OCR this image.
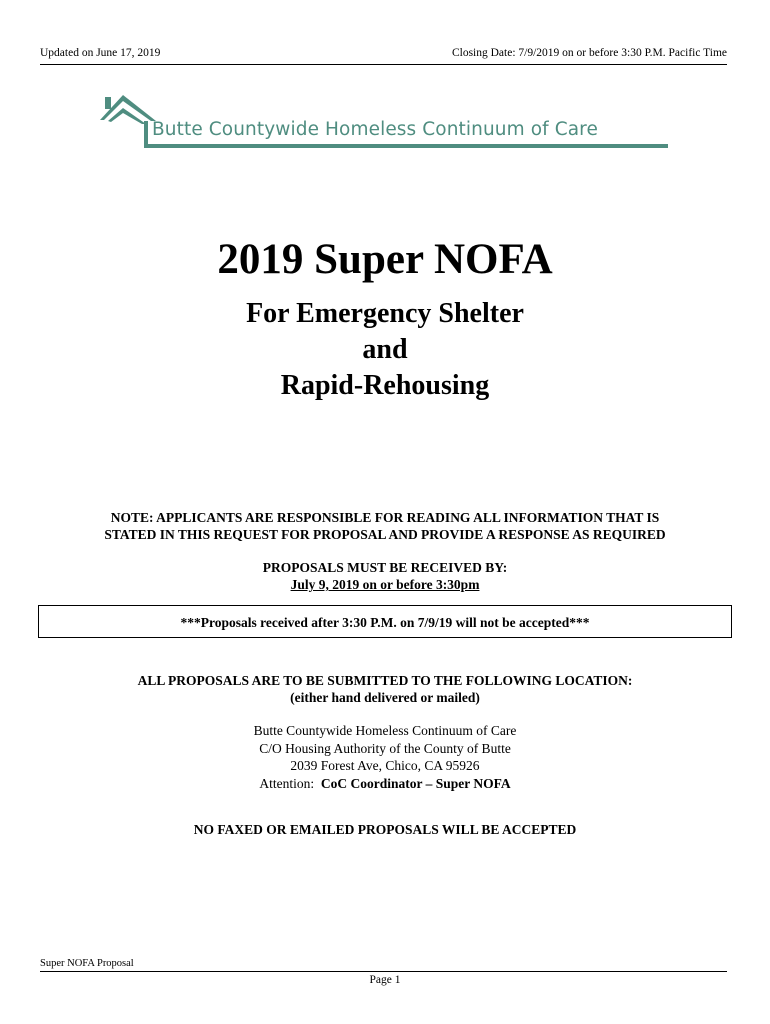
Updated on June 17, 2019	Closing Date: 7/9/2019 on or before 3:30 P.M. Pacific Time
Butte Countywide Homeless Continuum of Care
2019 Super NOFA
For Emergency Shelter
and
Rapid-Rehousing
NOTE: APPLICANTS ARE RESPONSIBLE FOR READING ALL INFORMATION THAT IS
STATED IN THIS REQUEST FOR PROPOSAL AND PROVIDE A RESPONSE AS REQUIRED
PROPOSALS MUST BE RECEIVED BY:
July 9, 2019 on or before 3:30pm
***Proposals received after 3:30 P.M. on 7/9/19 will not be accepted***
ALL PROPOSALS ARE TO BE SUBMITTED TO THE FOLLOWING LOCATION:
(either hand delivered or mailed)
Butte Countywide Homeless Continuum of Care
C/O Housing Authority of the County of Butte
2039 Forest Ave, Chico, CA 95926
Attention: CoC Coordinator – Super NOFA
NO FAXED OR EMAILED PROPOSALS WILL BE ACCEPTED
Super NOFA Proposal
Page 1
